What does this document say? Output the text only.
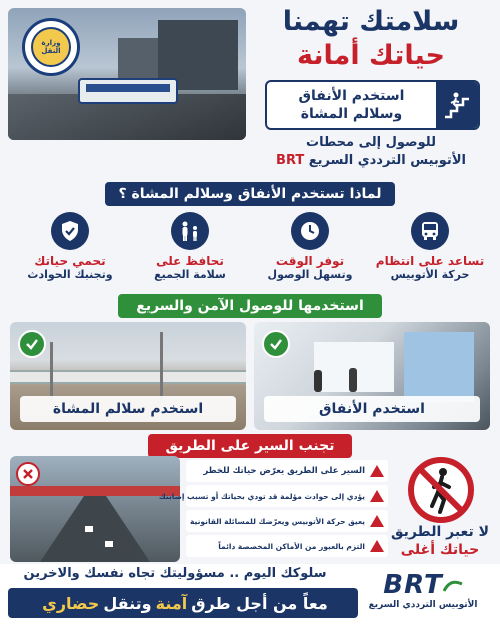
وزارة النقل
سلامتك تهمنا
حياتك أمانة
استخدم الأنفاق
وسلالم المشاة
للوصول إلى محطات
الأتوبيس الترددي السريع BRT
لماذا تستخدم الأنفاق وسلالم المشاة ؟
تساعد على انتظام
حركة الأتوبيس
توفر الوقت
وتسهل الوصول
تحافظ على
سلامة الجميع
تحمي حياتك
وتجنبك الحوادث
استخدمها للوصول الآمن والسريع
استخدم سلالم المشاة	استخدم الأنفاق
تجنب السير على الطريق
السير على الطريق يعرّض حياتك للخطر
يؤدي إلى حوادث مؤلمة قد تودي بحياتك أو تسبب إصابتك
يعيق حركة الأتوبيس ويعرّضك للمسائلة القانونية
التزم بالعبور من الأماكن المخصصة دائماً
لا تعبر الطريق
حياتك أغلى
سلوكك اليوم .. مسؤوليتك تجاه نفسك والاخرين
معاً من أجل طرق
آمنة
وتنقل
حضاري
BRT
الأتوبيس الترددي السريع
